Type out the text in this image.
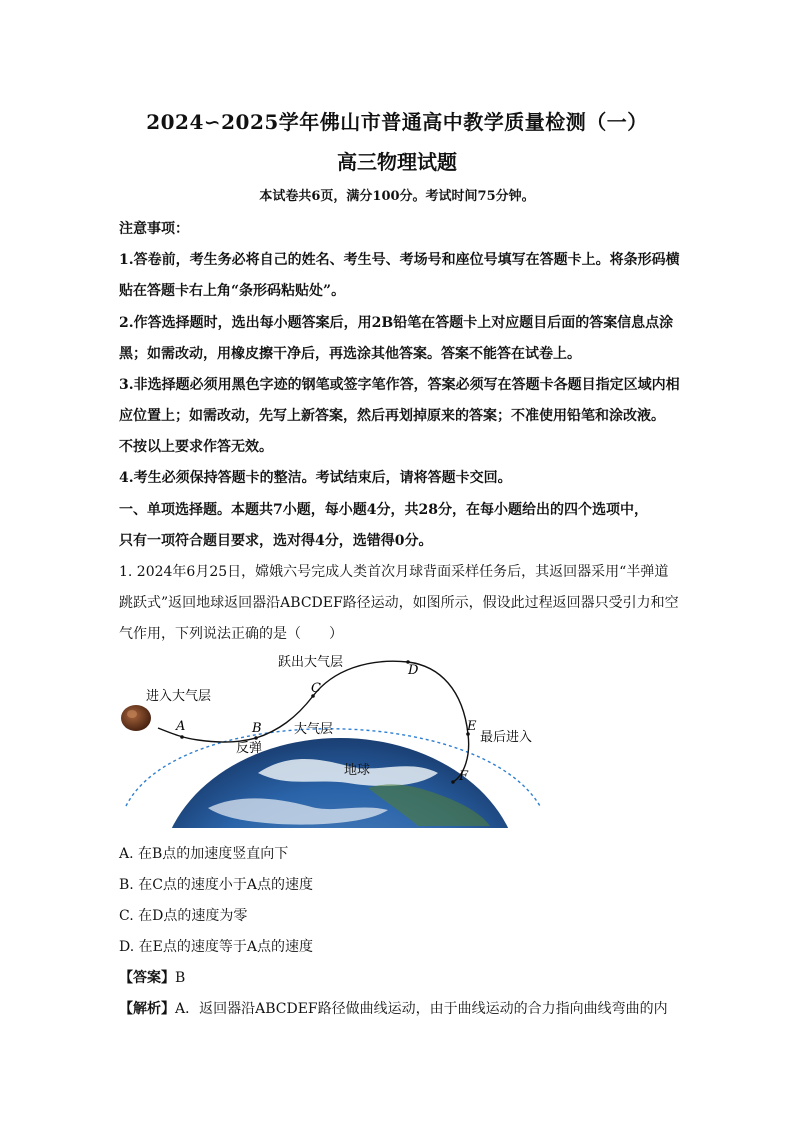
2024∽2025学年佛山市普通高中教学质量检测（一）
高三物理试题
本试卷共6页，满分100分。考试时间75分钟。
注意事项：
1.答卷前，考生务必将自己的姓名、考生号、考场号和座位号填写在答题卡上。将条形码横
贴在答题卡右上角“条形码粘贴处”。
2.作答选择题时，选出每小题答案后，用2B铅笔在答题卡上对应题目后面的答案信息点涂
黑；如需改动，用橡皮擦干净后，再选涂其他答案。答案不能答在试卷上。
3.非选择题必须用黑色字迹的钢笔或签字笔作答，答案必须写在答题卡各题目指定区域内相
应位置上；如需改动，先写上新答案，然后再划掉原来的答案；不准使用铅笔和涂改液。
不按以上要求作答无效。
4.考生必须保持答题卡的整洁。考试结束后，请将答题卡交回。
一、单项选择题。本题共7小题，每小题4分，共28分，在每小题给出的四个选项中，
只有一项符合题目要求，选对得4分，选错得0分。
1. 2024年6月25日，嫦娥六号完成人类首次月球背面采样任务后，其返回器采用“半弹道
跳跃式”返回地球返回器沿ABCDEF路径运动，如图所示，假设此过程返回器只受引力和空
气作用，下列说法正确的是（　　）
进入大气层
跃出大气层
大气层
反弹
最后进入
地球
A	B
C
D
E
F
A. 在B点的加速度竖直向下
B. 在C点的速度小于A点的速度
C. 在D点的速度为零
D. 在E点的速度等于A点的速度
【答案】B
【解析】A．返回器沿ABCDEF路径做曲线运动，由于曲线运动的合力指向曲线弯曲的内
